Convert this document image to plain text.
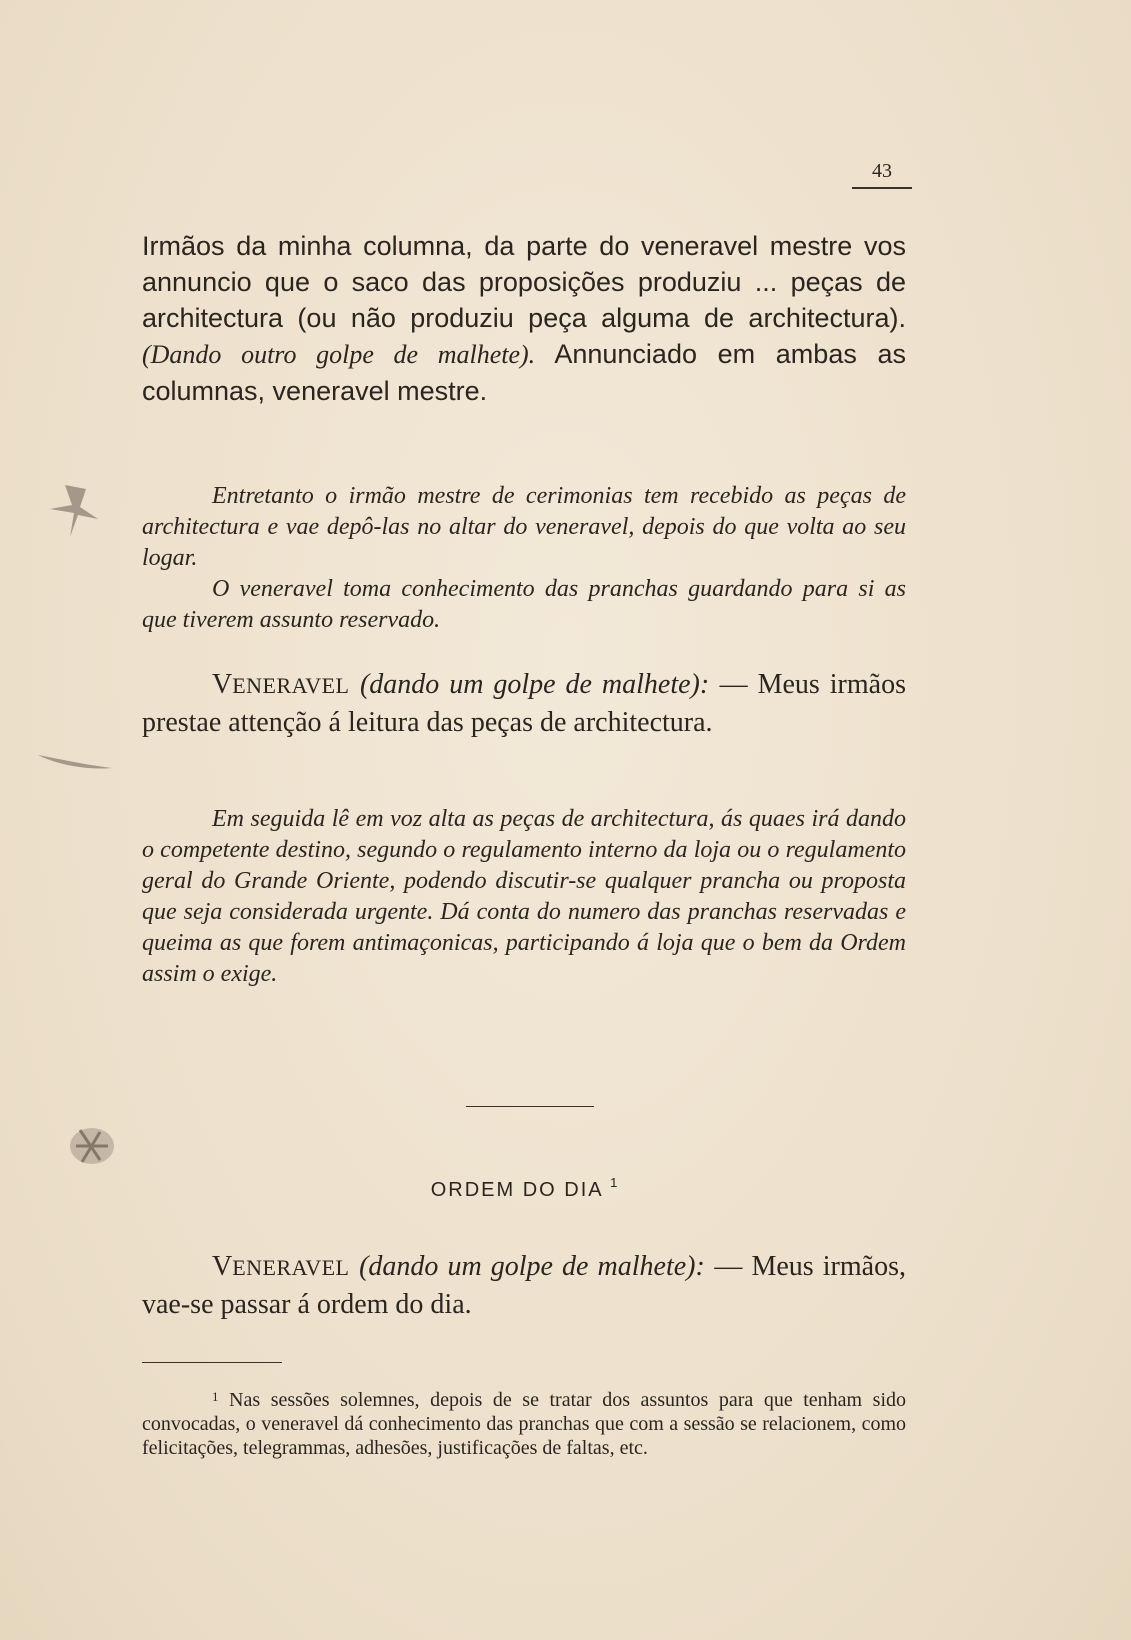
43
Irmãos da minha columna, da parte do veneravel mestre vos annuncio que o saco das proposições produziu ... peças de architectura (ou não produziu peça alguma de architectura). (Dando outro golpe de malhete). Annunciado em ambas as columnas, veneravel mestre.
Entretanto o irmão mestre de cerimonias tem recebido as peças de architectura e vae depô-las no altar do veneravel, depois do que volta ao seu logar.
O veneravel toma conhecimento das pranchas guardando para si as que tiverem assunto reservado.
VENERAVEL (dando um golpe de malhete): — Meus irmãos prestae attenção á leitura das peças de architectura.
Em seguida lê em voz alta as peças de architectura, ás quaes irá dando o competente destino, segundo o regulamento interno da loja ou o regulamento geral do Grande Oriente, podendo discutir-se qualquer prancha ou proposta que seja considerada urgente. Dá conta do numero das pranchas reservadas e queima as que forem antimaçonicas, participando á loja que o bem da Ordem assim o exige.
ORDEM DO DIA $^1$
VENERAVEL (dando um golpe de malhete): — Meus irmãos, vae-se passar á ordem do dia.
$^1$ Nas sessões solemnes, depois de se tratar dos assuntos para que tenham sido convocadas, o veneravel dá conhecimento das pranchas que com a sessão se relacionem, como felicitações, telegrammas, adhesões, justificações de faltas, etc.
